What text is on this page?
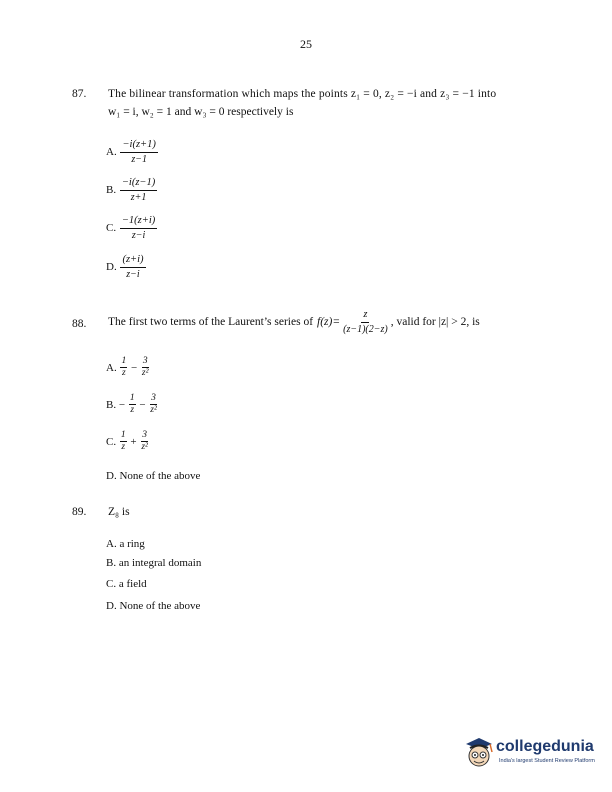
25
87. The bilinear transformation which maps the points z₁ = 0, z₂ = −i and z₃ = −1 into
w₁ = i, w₂ = 1 and w₃ = 0 respectively is
A. $\frac{-i(z+1)}{z-1}$
B. $\frac{-i(z-1)}{z+1}$
C. $\frac{-1(z+i)}{z-i}$
D. $\frac{(z+i)}{z-i}$
88. The first two terms of the Laurent’s series of $f(z)= \frac{z}{(z-1)(2-z)}$ , valid for |z| > 2, is
A. $\frac{1}{z} - \frac{3}{\text{z²}}$
B. − $\frac{1}{z} - \frac{3}{\text{z²}}$
C. $\frac{1}{z} + \frac{3}{\text{z²}}$
D. None of the above
89. Z₈ is
A. a ring
B. an integral domain
C. a field
D. None of the above
collegedunia
India's largest Student Review Platform
